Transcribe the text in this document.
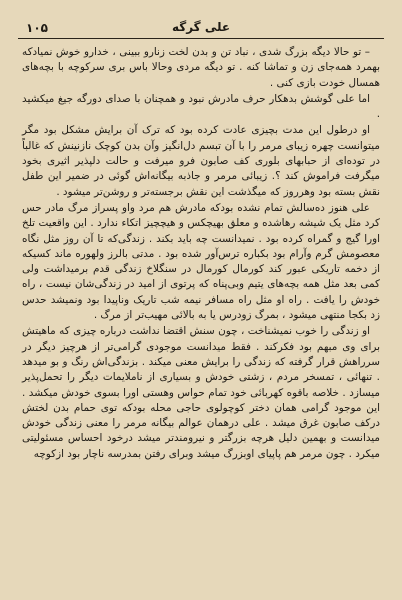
علی گرگه
۱۰۵

– تو حالا دیگه بزرگ شدی ، نباد تن و بدن لخت زنارو ببینی ، خدارو خوش نمیادکه بهمرد همه‌جای زن و تماشا کنه . تو دیگه مردی وحالا باس بری سرکوچه با بچه‌های همسال خودت بازی کنی .

اما علی گوشش بدهکار حرف مادرش نبود و همچنان با صدای دورگه جیغ میکشید .

او درطول این مدت بچیزی عادت کرده بود که ترک آن برایش مشکل بود مگر میتوانست چهره زیبای مرمر را با آن تبسم دل‌انگیز وآن بدن کوچک نازنینش که غالباً در توده‌ای از حبابهای بلوری کف صابون فرو میرفت و حالت دلپذیر اثیری بخود میگرفت فراموش کند ؟. زیبائی مرمر و جاذبه بیگانه‌اش گوئی در ضمیر این طفل نقش بسته بود وهرروز که میگذشت این نقش برجسته‌تر و روشن‌تر میشود .

علی هنوز ده‌سالش تمام نشده بودکه مادرش هم مرد واو پسراز مرگ مادر حس کرد مثل یک شیشه رهاشده و معلق بهیچکس و هیچچیز اتکاء ندارد . این واقعیت تلخ اورا گیج و گمراه کرده بود . نمیدانست چه باید بکند . زندگی‌که تا آن روز مثل نگاه معصومش گرم وآرام بود بکباره ترس‌آور شده بود . مدتی بالرز ولهوره ماند کسیکه از دخمه تاریکی عبور کند کورمال کورمال در سنگلاخ زندگی قدم برمیداشت ولی کمی بعد مثل همه بچه‌های یتیم وبی‌پناه که پرتوی از امید در زندگی‌شان نیست ، راه خودش را یافت . راه او مثل راه مسافر نیمه شب تاریک وناپیدا بود ونمیشد حدس زد بکجا منتهی میشود ، بمرگ زودرس یا به بالائی مهیب‌تر از مرگ .

او زندگی را خوب نمیشناخت ، چون سنش اقتضا نداشت درباره چیزی که ماهیتش برای وی مبهم بود فکرکند . فقط میدانست موجودی گرامی‌تر از هرچیز دیگر در سرراهش قرار گرفته که زندگی را برایش معنی میکند . بزندگی‌اش رنگ و بو میدهد . تنهائی ، تمسخر مردم ، زشتی خودش و بسیاری از ناملایمات دیگر را تحمل‌پذیر میسازد . خلاصه باقوه کهربائی خود تمام حواس وهستی اورا بسوی خودش میکشد . این موجود گرامی همان دختر کوچولوی حاجی محله بودکه توی حمام بدن لختش درکف صابون غرق میشد . علی درهمان عوالم بیگانه مرمر را معنی زندگی خودش میدانست و بهمین دلیل هرچه بزرگتر و نیرومندتر میشد درخود احساس مسئولیتی میکرد . چون مرمر هم پاپیای اوبزرگ میشد وبرای رفتن بمدرسه ناچار بود ازکوچه
